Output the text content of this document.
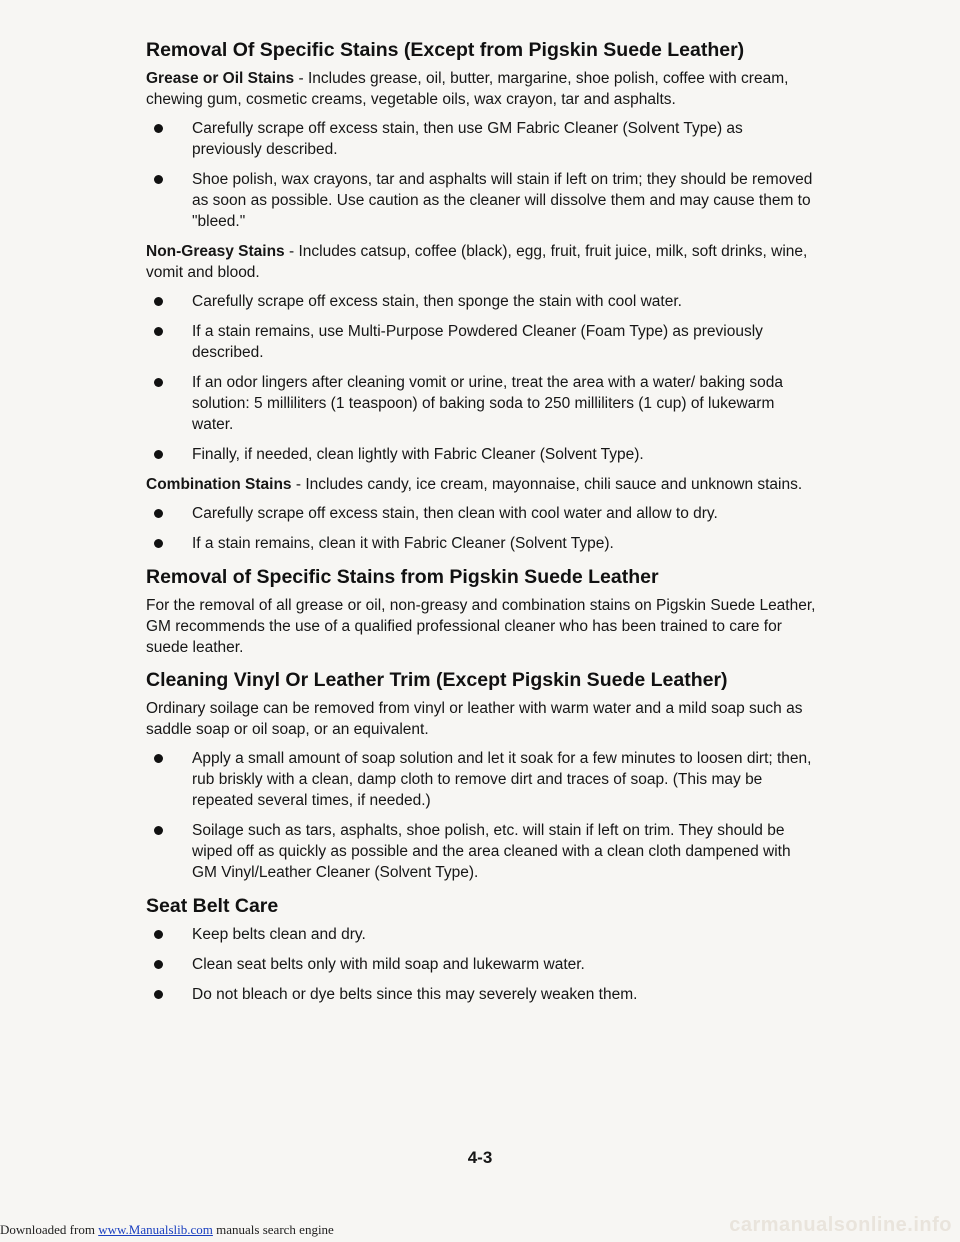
Removal Of Specific Stains (Except from Pigskin Suede Leather)

Grease or Oil Stains - Includes grease, oil, butter, margarine, shoe polish, coffee with cream, chewing gum, cosmetic creams, vegetable oils, wax crayon, tar and asphalts.

Carefully scrape off excess stain, then use GM Fabric Cleaner (Solvent Type) as previously described.
Shoe polish, wax crayons, tar and asphalts will stain if left on trim; they should be removed as soon as possible. Use caution as the cleaner will dissolve them and may cause them to "bleed."

Non-Greasy Stains - Includes catsup, coffee (black), egg, fruit, fruit juice, milk, soft drinks, wine, vomit and blood.

Carefully scrape off excess stain, then sponge the stain with cool water.
If a stain remains, use Multi-Purpose Powdered Cleaner (Foam Type) as previously described.
If an odor lingers after cleaning vomit or urine, treat the area with a water/ baking soda solution: 5 milliliters (1 teaspoon) of baking soda to 250 milliliters (1 cup) of lukewarm water.
Finally, if needed, clean lightly with Fabric Cleaner (Solvent Type).

Combination Stains - Includes candy, ice cream, mayonnaise, chili sauce and unknown stains.

Carefully scrape off excess stain, then clean with cool water and allow to dry.
If a stain remains, clean it with Fabric Cleaner (Solvent Type).
Removal of Specific Stains from Pigskin Suede Leather

For the removal of all grease or oil, non-greasy and combination stains on Pigskin Suede Leather, GM recommends the use of a qualified professional cleaner who has been trained to care for suede leather.

Cleaning Vinyl Or Leather Trim (Except Pigskin Suede Leather)

Ordinary soilage can be removed from vinyl or leather with warm water and a mild soap such as saddle soap or oil soap, or an equivalent.

Apply a small amount of soap solution and let it soak for a few minutes to loosen dirt; then, rub briskly with a clean, damp cloth to remove dirt and traces of soap. (This may be repeated several times, if needed.)
Soilage such as tars, asphalts, shoe polish, etc. will stain if left on trim. They should be wiped off as quickly as possible and the area cleaned with a clean cloth dampened with GM Vinyl/Leather Cleaner (Solvent Type).
Seat Belt Care
Keep belts clean and dry.
Clean seat belts only with mild soap and lukewarm water.
Do not bleach or dye belts since this may severely weaken them.
4-3
Downloaded from www.Manualslib.com manuals search engine	carmanualsonline.info
